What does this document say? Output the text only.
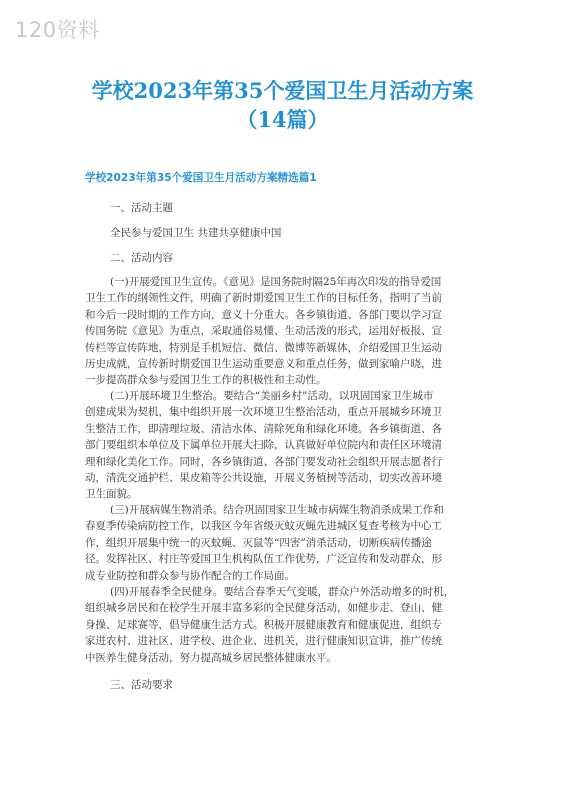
120资料
学校2023年第35个爱国卫生月活动方案
（14篇）
学校2023年第35个爱国卫生月活动方案精选篇1

一、活动主题

全民参与爱国卫生 共建共享健康中国

二、活动内容

(一)开展爱国卫生宣传。《意见》是国务院时隔25年再次印发的指导爱国
卫生工作的纲领性文件，明确了新时期爱国卫生工作的目标任务，指明了当前
和今后一段时期的工作方向，意义十分重大。各乡镇街道、各部门要以学习宣
传国务院《意见》为重点，采取通俗易懂、生动活泼的形式，运用好板报、宣
传栏等宣传阵地，特别是手机短信、微信、微博等新媒体，介绍爱国卫生运动
历史成就，宣传新时期爱国卫生运动重要意义和重点任务，做到家喻户晓，进
一步提高群众参与爱国卫生工作的积极性和主动性。
(二)开展环境卫生整治。要结合“美丽乡村”活动，以巩固国家卫生城市
创建成果为契机，集中组织开展一次环境卫生整治活动，重点开展城乡环境卫
生整洁工作，即清理垃圾、清洁水体、清除死角和绿化环境。各乡镇街道、各
部门要组织本单位及下属单位开展大扫除，认真做好单位院内和责任区环境清
理和绿化美化工作。同时，各乡镇街道、各部门要发动社会组织开展志愿者行
动，清洗交通护栏、果皮箱等公共设施，开展义务植树等活动，切实改善环境
卫生面貌。
(三)开展病媒生物消杀。结合巩固国家卫生城市病媒生物消杀成果工作和
春夏季传染病防控工作，以我区今年省级灭蚊灭蝇先进城区复查考核为中心工
作，组织开展集中统一的灭蚊蝇、灭鼠等“四害”消杀活动，切断疾病传播途
径。发挥社区、村庄等爱国卫生机构队伍工作优势，广泛宣传和发动群众，形
成专业防控和群众参与协作配合的工作局面。
(四)开展春季全民健身。要结合春季天气变暖，群众户外活动增多的时机，
组织城乡居民和在校学生开展丰富多彩的全民健身活动，如健步走、登山、健
身操、足球赛等，倡导健康生活方式。积极开展健康教育和健康促进，组织专
家进农村、进社区、进学校、进企业、进机关，进行健康知识宣讲，推广传统
中医养生健身活动，努力提高城乡居民整体健康水平。

三、活动要求
